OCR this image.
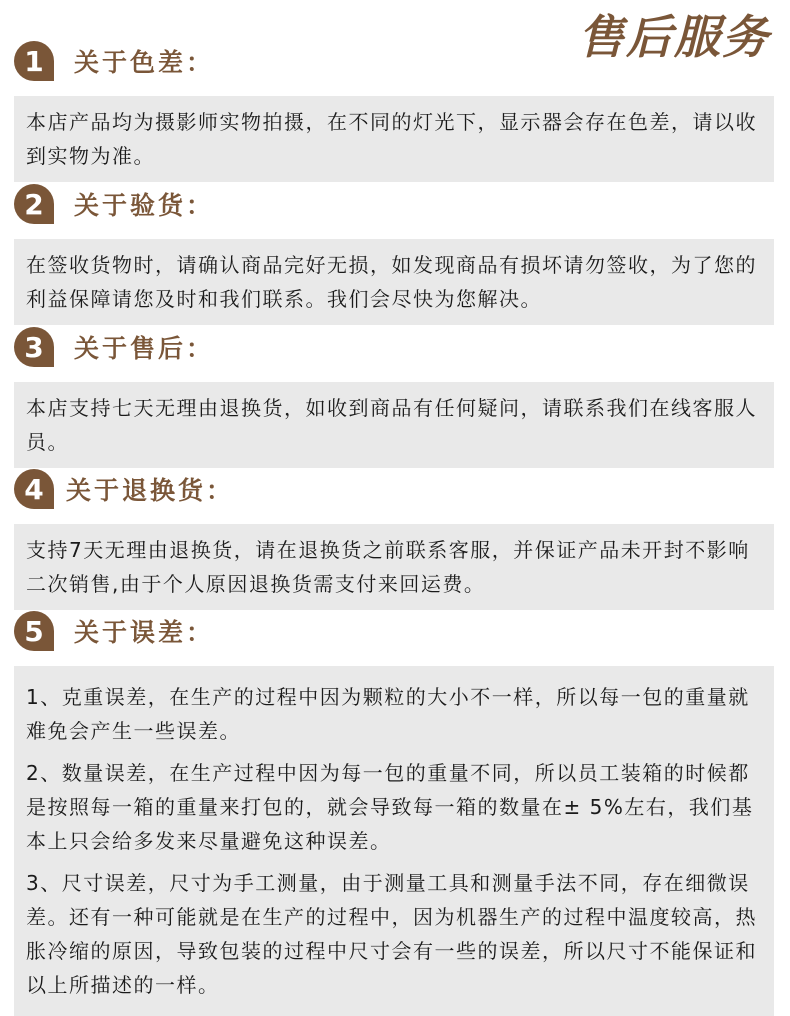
售后服务
1	关于色差：

本店产品均为摄影师实物拍摄，在不同的灯光下，显示器会存在色差，请以收到实物为准。

2	关于验货：

在签收货物时，请确认商品完好无损，如发现商品有损坏请勿签收，为了您的利益保障请您及时和我们联系。我们会尽快为您解决。

3	关于售后：

本店支持七天无理由退换货，如收到商品有任何疑问，请联系我们在线客服人员。

4 关于退换货：

支持7天无理由退换货，请在退换货之前联系客服，并保证产品未开封不影响二次销售,由于个人原因退换货需支付来回运费。

5	关于误差：

1、克重误差，在生产的过程中因为颗粒的大小不一样，所以每一包的重量就难免会产生一些误差。

2、数量误差，在生产过程中因为每一包的重量不同，所以员工装箱的时候都是按照每一箱的重量来打包的，就会导致每一箱的数量在± 5%左右，我们基本上只会给多发来尽量避免这种误差。

3、尺寸误差，尺寸为手工测量，由于测量工具和测量手法不同，存在细微误差。还有一种可能就是在生产的过程中，因为机器生产的过程中温度较高，热胀冷缩的原因，导致包装的过程中尺寸会有一些的误差，所以尺寸不能保证和以上所描述的一样。
